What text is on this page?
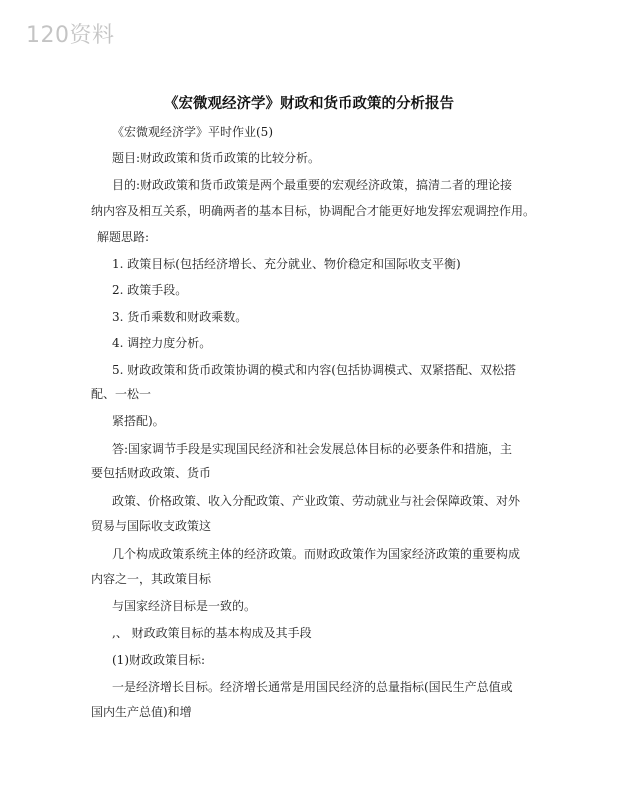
120资料
《宏微观经济学》财政和货币政策的分析报告
《宏微观经济学》平时作业(5)
题目:财政政策和货币政策的比较分析。
目的:财政政策和货币政策是两个最重要的宏观经济政策，搞清二者的理论接
纳内容及相互关系，明确两者的基本目标，协调配合才能更好地发挥宏观调控作用。
解题思路:
1. 政策目标(包括经济增长、充分就业、物价稳定和国际收支平衡)
2. 政策手段。
3. 货币乘数和财政乘数。
4. 调控力度分析。
5. 财政政策和货币政策协调的模式和内容(包括协调模式、双紧搭配、双松搭
配、一松一
紧搭配)。
答:国家调节手段是实现国民经济和社会发展总体目标的必要条件和措施，主
要包括财政政策、货币
政策、价格政策、收入分配政策、产业政策、劳动就业与社会保障政策、对外
贸易与国际收支政策这
几个构成政策系统主体的经济政策。而财政政策作为国家经济政策的重要构成
内容之一，其政策目标
与国家经济目标是一致的。
,、 财政政策目标的基本构成及其手段
(1)财政政策目标:
一是经济增长目标。经济增长通常是用国民经济的总量指标(国民生产总值或
国内生产总值)和增
